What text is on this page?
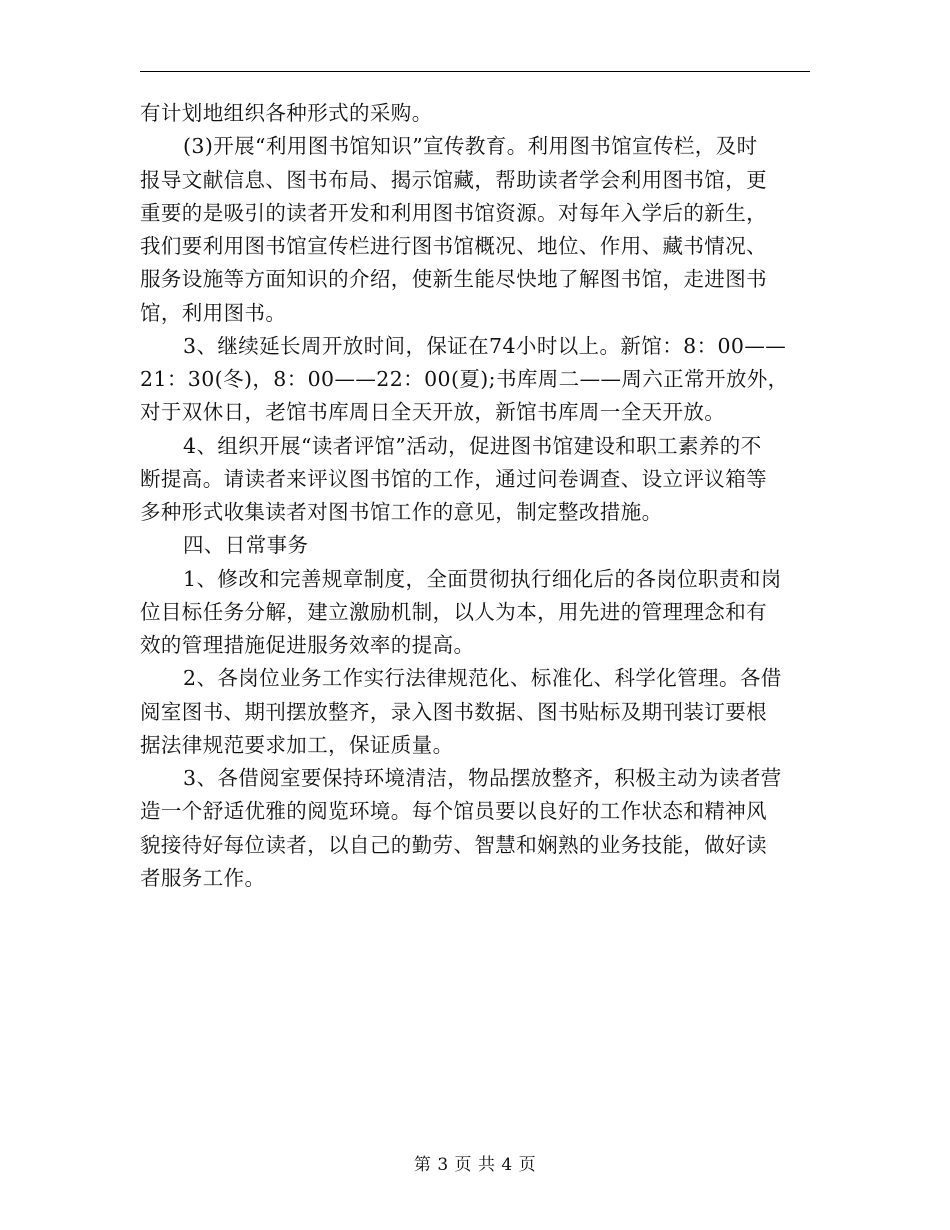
有计划地组织各种形式的采购。
(3)开展“利用图书馆知识”宣传教育。利用图书馆宣传栏，及时
报导文献信息、图书布局、揭示馆藏，帮助读者学会利用图书馆，更
重要的是吸引的读者开发和利用图书馆资源。对每年入学后的新生，
我们要利用图书馆宣传栏进行图书馆概况、地位、作用、藏书情况、
服务设施等方面知识的介绍，使新生能尽快地了解图书馆，走进图书
馆，利用图书。
3、继续延长周开放时间，保证在74小时以上。新馆：8：00——
21：30(冬)，8：00——22：00(夏);书库周二——周六正常开放外，
对于双休日，老馆书库周日全天开放，新馆书库周一全天开放。
4、组织开展“读者评馆”活动，促进图书馆建设和职工素养的不
断提高。请读者来评议图书馆的工作，通过问卷调查、设立评议箱等
多种形式收集读者对图书馆工作的意见，制定整改措施。
四、日常事务
1、修改和完善规章制度，全面贯彻执行细化后的各岗位职责和岗
位目标任务分解，建立激励机制，以人为本，用先进的管理理念和有
效的管理措施促进服务效率的提高。
2、各岗位业务工作实行法律规范化、标准化、科学化管理。各借
阅室图书、期刊摆放整齐，录入图书数据、图书贴标及期刊装订要根
据法律规范要求加工，保证质量。
3、各借阅室要保持环境清洁，物品摆放整齐，积极主动为读者营
造一个舒适优雅的阅览环境。每个馆员要以良好的工作状态和精神风
貌接待好每位读者，以自己的勤劳、智慧和娴熟的业务技能，做好读
者服务工作。
第 3 页 共 4 页
